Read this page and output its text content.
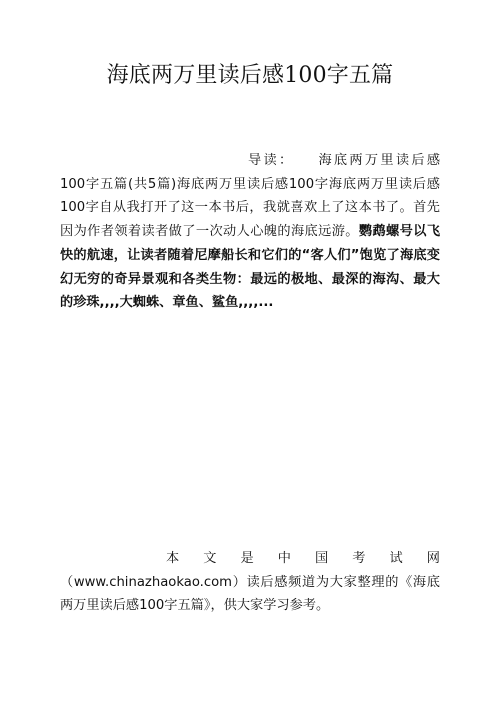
海底两万里读后感100字五篇
导读： 海底两万里读后感100字五篇(共5篇)海底两万里读后感100字海底两万里读后感100字自从我打开了这一本书后，我就喜欢上了这本书了。首先因为作者领着读者做了一次动人心魄的海底远游。鹦鹉螺号以飞快的航速，让读者随着尼摩船长和它们的“客人们”饱览了海底变幻无穷的奇异景观和各类生物：最远的极地、最深的海沟、最大的珍珠,,,,大蜘蛛、章鱼、鲨鱼,,,,...
本文是中国考试网（www.chinazhaokao.com）读后感频道为大家整理的《海底两万里读后感100字五篇》，供大家学习参考。
